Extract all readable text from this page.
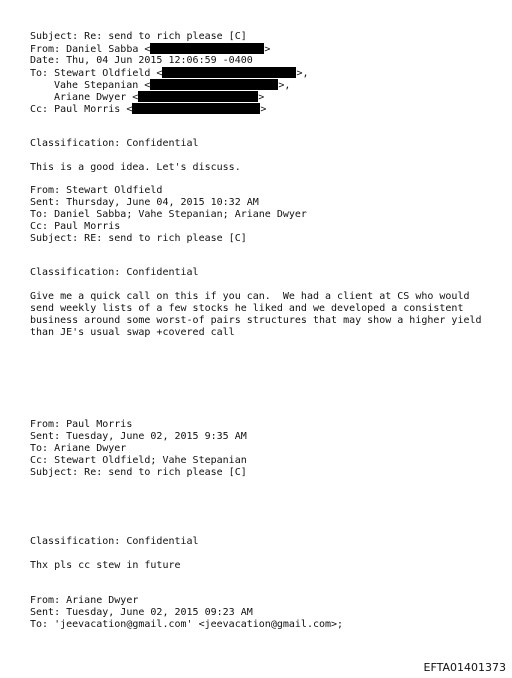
Subject: Re: send to rich please [C]

From: Daniel Sabba <	>

Date: Thu, 04 Jun 2015 12:06:59 -0400

To: Stewart Oldfield <	>,

Vahe Stepanian <	>,

Ariane Dwyer <	>

Cc: Paul Morris <	>

Classification: Confidential

This is a good idea. Let's discuss.

From: Stewart Oldfield

Sent: Thursday, June 04, 2015 10:32 AM

To: Daniel Sabba; Vahe Stepanian; Ariane Dwyer

Cc: Paul Morris

Subject: RE: send to rich please [C]

Classification: Confidential

Give me a quick call on this if you can.  We had a client at CS who would

send weekly lists of a few stocks he liked and we developed a consistent

business around some worst-of pairs structures that may show a higher yield

than JE's usual swap +covered call

From: Paul Morris

Sent: Tuesday, June 02, 2015 9:35 AM

To: Ariane Dwyer

Cc: Stewart Oldfield; Vahe Stepanian

Subject: Re: send to rich please [C]

Classification: Confidential

Thx pls cc stew in future

From: Ariane Dwyer

Sent: Tuesday, June 02, 2015 09:23 AM

To: 'jeevacation@gmail.com' <jeevacation@gmail.com>;

EFTA01401373
